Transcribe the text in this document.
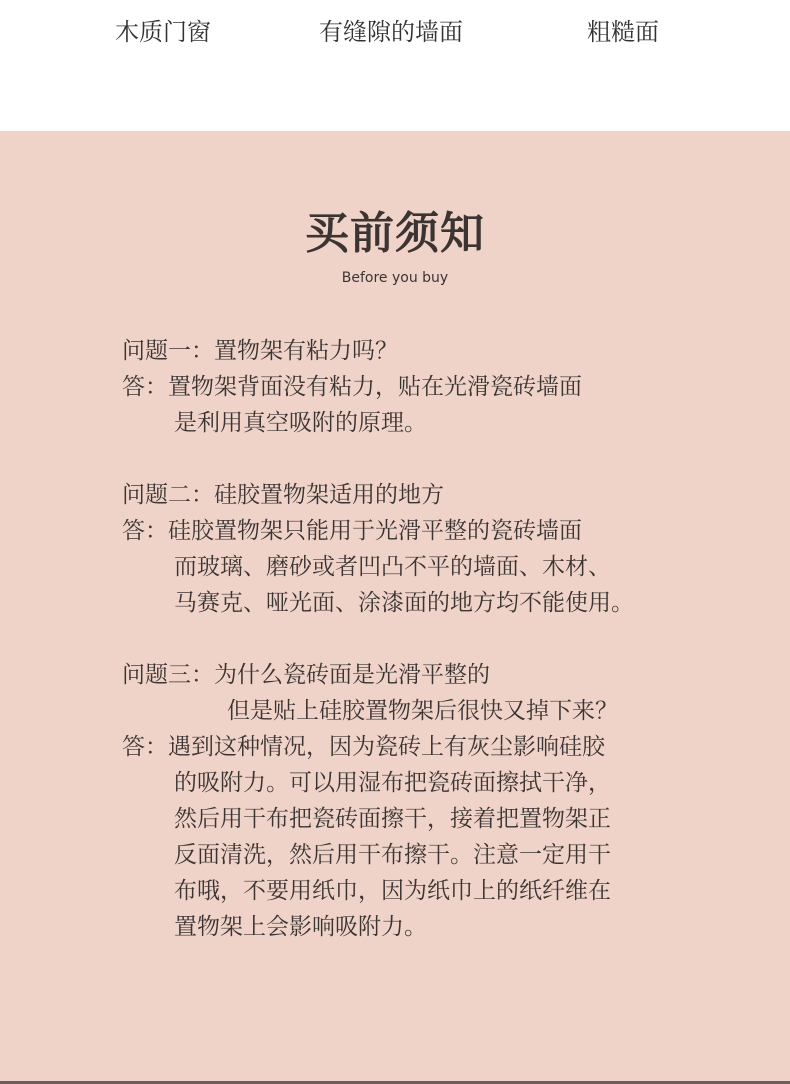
木质门窗	有缝隙的墙面	粗糙面
买前须知
Before you buy
问题一：置物架有粘力吗？
答：置物架背面没有粘力，贴在光滑瓷砖墙面
是利用真空吸附的原理。
问题二：硅胶置物架适用的地方
答：硅胶置物架只能用于光滑平整的瓷砖墙面
而玻璃、磨砂或者凹凸不平的墙面、木材、
马赛克、哑光面、涂漆面的地方均不能使用。
问题三：为什么瓷砖面是光滑平整的
但是贴上硅胶置物架后很快又掉下来？
答：遇到这种情况，因为瓷砖上有灰尘影响硅胶
的吸附力。可以用湿布把瓷砖面擦拭干净，
然后用干布把瓷砖面擦干，接着把置物架正
反面清洗，然后用干布擦干。注意一定用干
布哦，不要用纸巾，因为纸巾上的纸纤维在
置物架上会影响吸附力。
